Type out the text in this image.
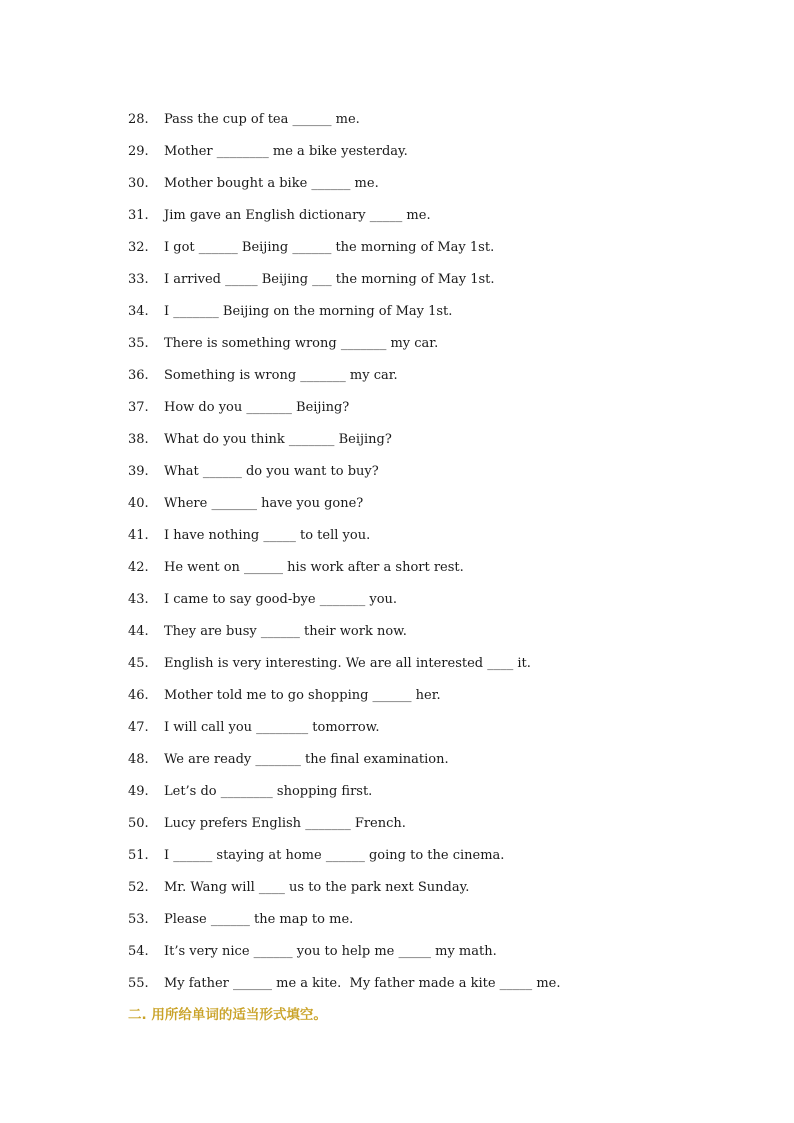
28.	Pass the cup of tea ______ me.
29.	Mother ________ me a bike yesterday.
30.	Mother bought a bike ______ me.
31.	Jim gave an English dictionary _____ me.
32.	I got ______ Beijing ______ the morning of May 1st.
33.	I arrived _____ Beijing ___ the morning of May 1st.
34.	I _______ Beijing on the morning of May 1st.
35.	There is something wrong _______ my car.
36.	Something is wrong _______ my car.
37.	How do you _______ Beijing?
38.	What do you think _______ Beijing?
39.	What ______ do you want to buy?
40.	Where _______ have you gone?
41.	I have nothing _____ to tell you.
42.	He went on ______ his work after a short rest.
43.	I came to say good-bye _______ you.
44.	They are busy ______ their work now.
45.	English is very interesting. We are all interested ____ it.
46.	Mother told me to go shopping ______ her.
47.	I will call you ________ tomorrow.
48.	We are ready _______ the final examination.
49.	Let’s do ________ shopping first.
50.	Lucy prefers English _______ French.
51.	I ______ staying at home ______ going to the cinema.
52.	Mr. Wang will ____ us to the park next Sunday.
53.	Please ______ the map to me.
54.	It’s very nice ______ you to help me _____ my math.
55.	My father ______ me a kite.  My father made a kite _____ me.
二. 用所给单词的适当形式填空。
